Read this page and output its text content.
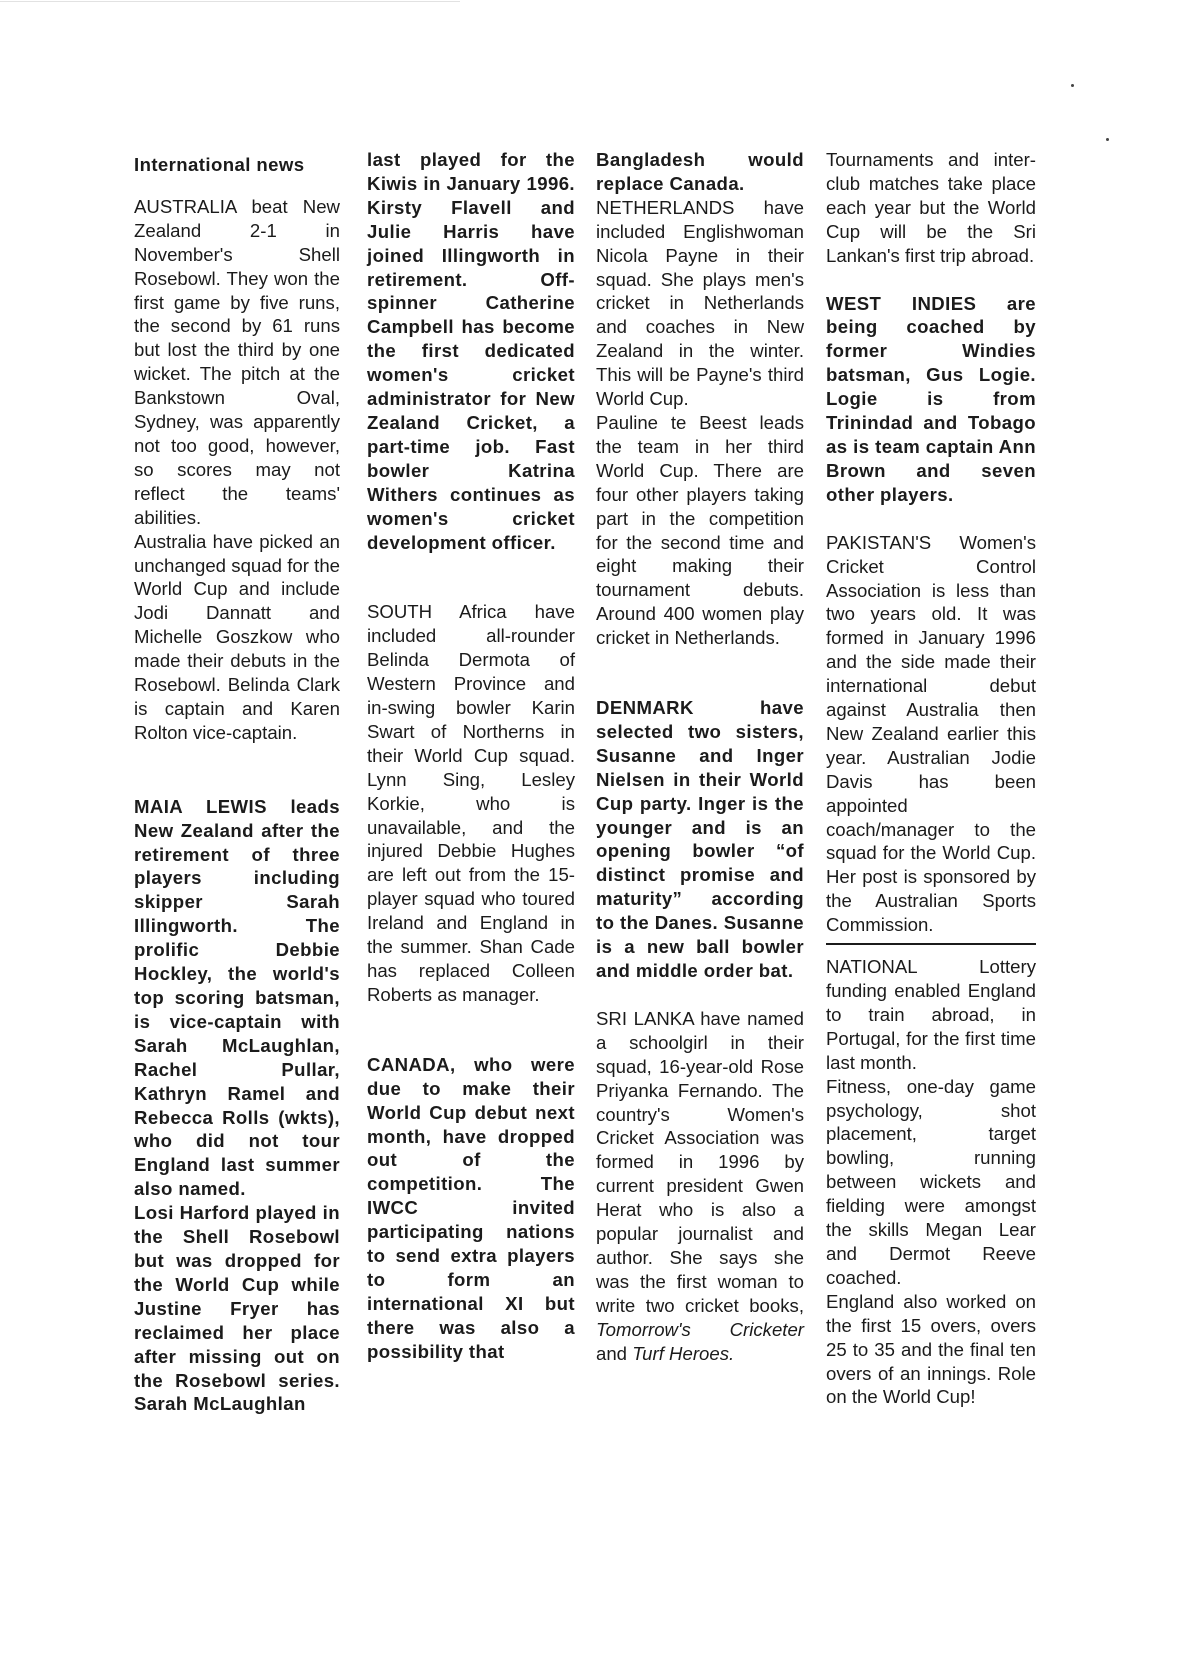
International news

AUSTRALIA beat New Zealand 2-1 in November's Shell Rosebowl. They won the first game by five runs, the second by 61 runs but lost the third by one wicket. The pitch at the Bankstown Oval, Sydney, was apparently not too good, however, so scores may not reflect the teams' abilities.

Australia have picked an unchanged squad for the World Cup and include Jodi Dannatt and Michelle Goszkow who made their debuts in the Rosebowl. Belinda Clark is captain and Karen Rolton vice-captain.

MAIA LEWIS leads New Zealand after the retirement of three players including skipper Sarah Illingworth. The prolific Debbie Hockley, the world's top scoring batsman, is vice-captain with Sarah McLaughlan, Rachel Pullar, Kathryn Ramel and Rebecca Rolls (wkts), who did not tour England last summer also named.

Losi Harford played in the Shell Rosebowl but was dropped for the World Cup while Justine Fryer has reclaimed her place after missing out on the Rosebowl series. Sarah McLaughlan

last played for the Kiwis in January 1996. Kirsty Flavell and Julie Harris have joined Illingworth in retirement. Off-spinner Catherine Campbell has become the first dedicated women's cricket administrator for New Zealand Cricket, a part-time job. Fast bowler Katrina Withers continues as women's cricket development officer.

SOUTH Africa have included all-rounder Belinda Dermota of Western Province and in-swing bowler Karin Swart of Northerns in their World Cup squad. Lynn Sing, Lesley Korkie, who is unavailable, and the injured Debbie Hughes are left out from the 15-player squad who toured Ireland and England in the summer. Shan Cade has replaced Colleen Roberts as manager.

CANADA, who were due to make their World Cup debut next month, have dropped out of the competition. The IWCC invited participating nations to send extra players to form an international XI but there was also a possibility that

Bangladesh would replace Canada.

NETHERLANDS have included Englishwoman Nicola Payne in their squad. She plays men's cricket in Netherlands and coaches in New Zealand in the winter. This will be Payne's third World Cup.

Pauline te Beest leads the team in her third World Cup. There are four other players taking part in the competition for the second time and eight making their tournament debuts. Around 400 women play cricket in Netherlands.

DENMARK have selected two sisters, Susanne and Inger Nielsen in their World Cup party. Inger is the younger and is an opening bowler “of distinct promise and maturity” according to the Danes. Susanne is a new ball bowler and middle order bat.

SRI LANKA have named a schoolgirl in their squad, 16-year-old Rose Priyanka Fernando. The country's Women's Cricket Association was formed in 1996 by current president Gwen Herat who is also a popular journalist and author. She says she was the first woman to write two cricket books, Tomorrow's Cricketer and Turf Heroes.

Tournaments and inter-club matches take place each year but the World Cup will be the Sri Lankan's first trip abroad.

WEST INDIES are being coached by former Windies batsman, Gus Logie. Logie is from Trinindad and Tobago as is team captain Ann Brown and seven other players.

PAKISTAN'S Women's Cricket Control Association is less than two years old. It was formed in January 1996 and the side made their international debut against Australia then New Zealand earlier this year. Australian Jodie Davis has been appointed coach/manager to the squad for the World Cup. Her post is sponsored by the Australian Sports Commission.

NATIONAL Lottery funding enabled England to train abroad, in Portugal, for the first time last month.

Fitness, one-day game psychology, shot placement, target bowling, running between wickets and fielding were amongst the skills Megan Lear and Dermot Reeve coached.

England also worked on the first 15 overs, overs 25 to 35 and the final ten overs of an innings. Role on the World Cup!
